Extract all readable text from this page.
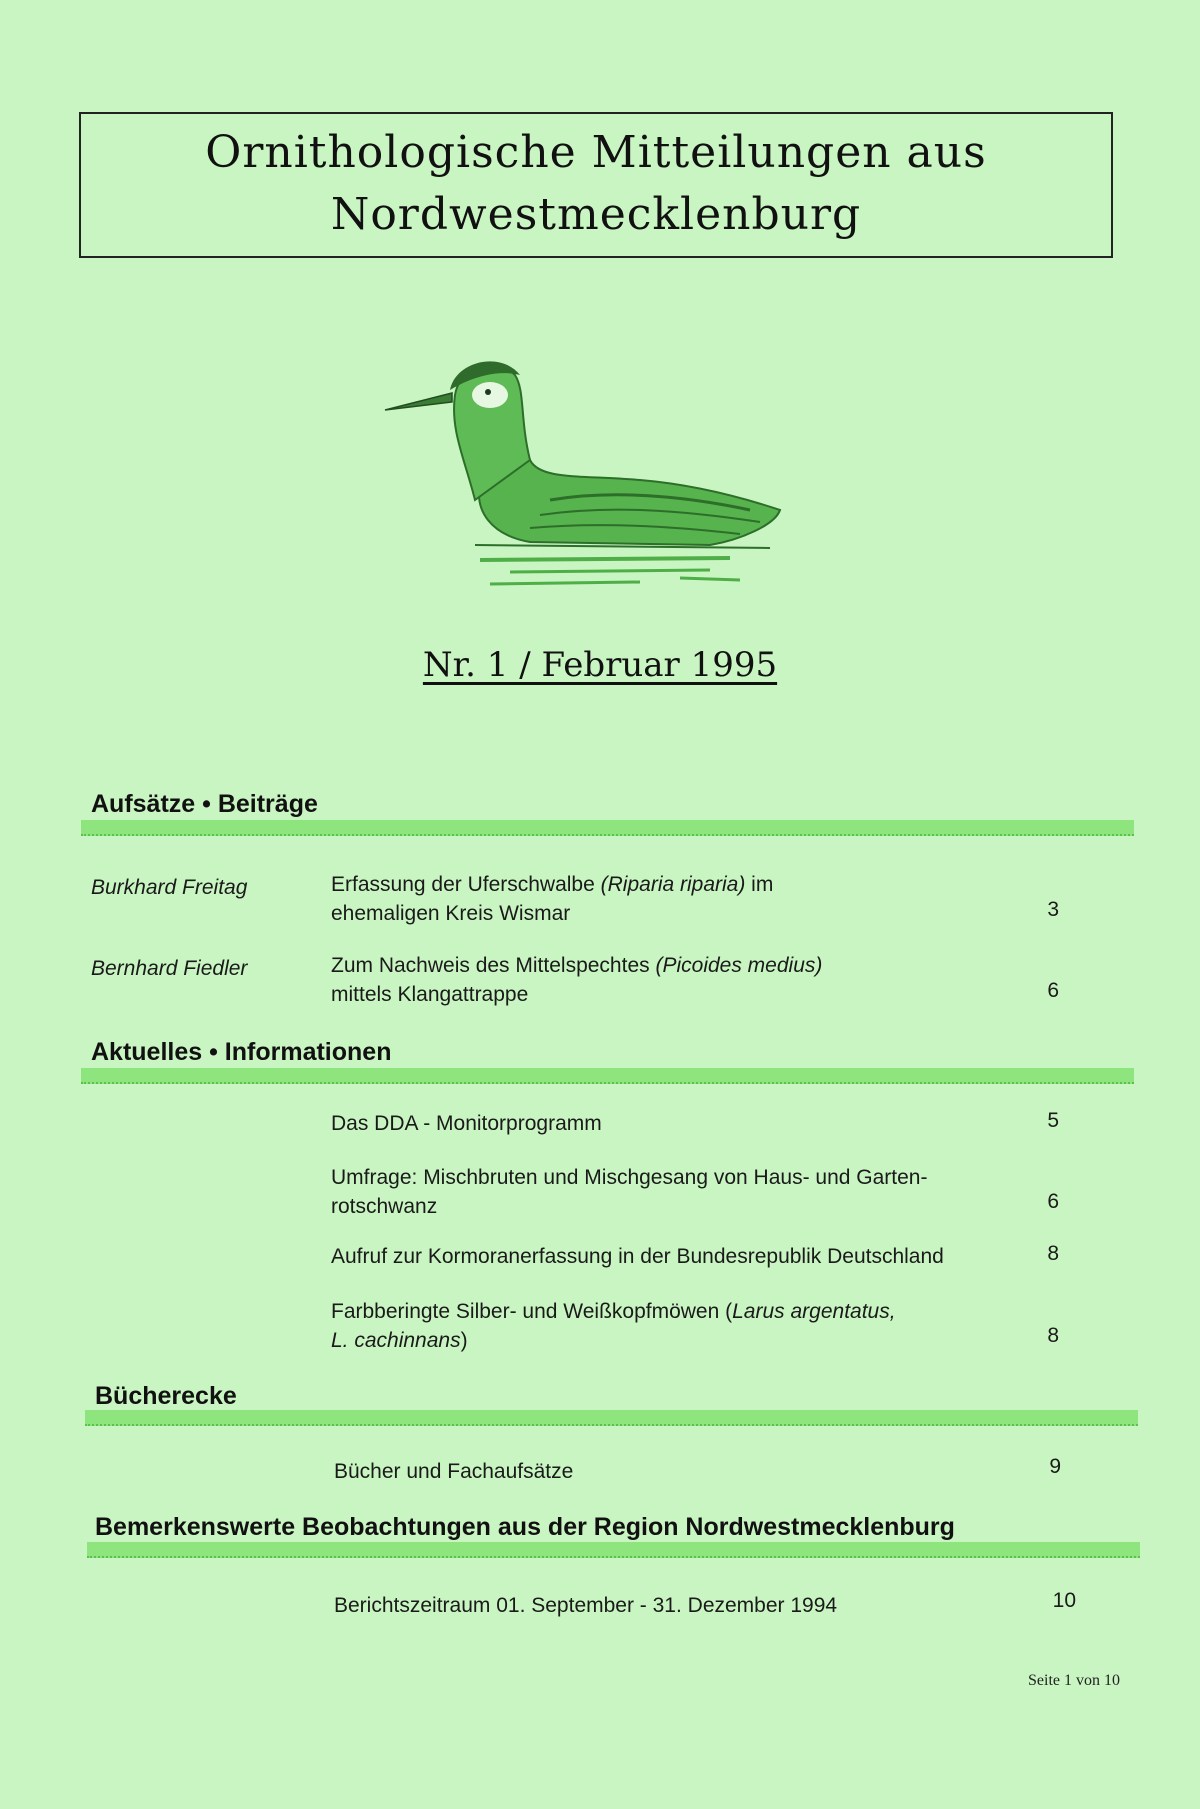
Ornithologische Mitteilungen aus
Nordwestmecklenburg
Nr. 1 / Februar 1995
Aufsätze • Beiträge
Burkhard Freitag	Erfassung der Uferschwalbe (Riparia riparia) im
ehemaligen Kreis Wismar	3
Bernhard Fiedler	Zum Nachweis des Mittelspechtes (Picoides medius)
mittels Klangattrappe	6
Aktuelles • Informationen
Das DDA - Monitorprogramm	5
Umfrage: Mischbruten und Mischgesang von Haus- und Garten-
rotschwanz	6
Aufruf zur Kormoranerfassung in der Bundesrepublik Deutschland	8
Farbberingte Silber- und Weißkopfmöwen (Larus argentatus,
L. cachinnans)	8
Bücherecke
Bücher und Fachaufsätze	9
Bemerkenswerte Beobachtungen aus der Region Nordwestmecklenburg
Berichtszeitraum 01. September - 31. Dezember 1994	10
Seite 1 von 10
